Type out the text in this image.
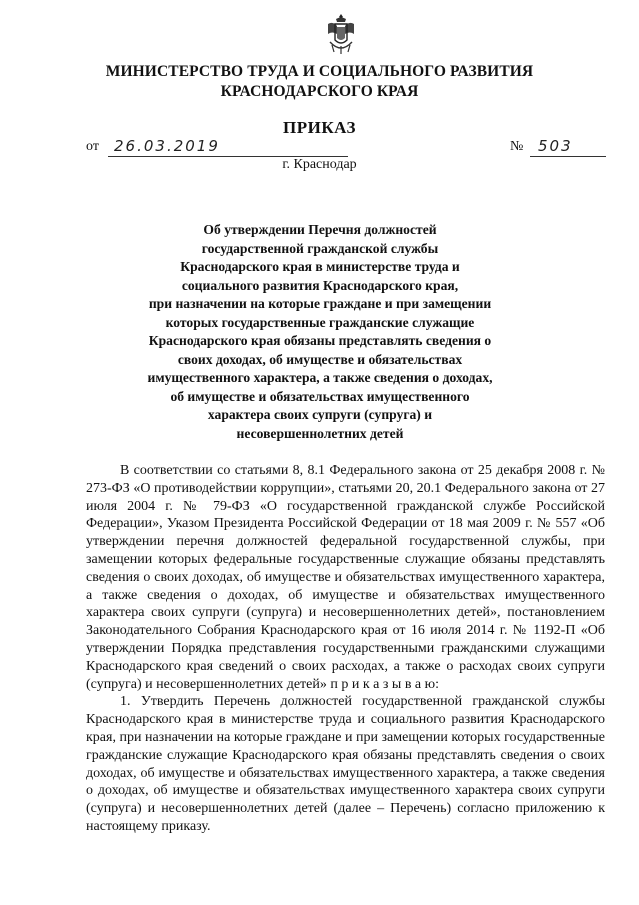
МИНИСТЕРСТВО ТРУДА И СОЦИАЛЬНОГО РАЗВИТИЯ
КРАСНОДАРСКОГО КРАЯ
ПРИКАЗ
от 26.03.2019	№ 503
г. Краснодар
Об утверждении Перечня должностей
государственной гражданской службы
Краснодарского края в министерстве труда и
социального развития Краснодарского края,
при назначении на которые граждане и при замещении
которых государственные гражданские служащие
Краснодарского края обязаны представлять сведения о
своих доходах, об имуществе и обязательствах
имущественного характера, а также сведения о доходах,
об имуществе и обязательствах имущественного
характера своих супруги (супруга) и
несовершеннолетних детей

В соответствии со статьями 8, 8.1 Федерального закона от 25 декабря 2008 г. № 273-ФЗ «О противодействии коррупции», статьями 20, 20.1 Федерального закона от 27 июля 2004 г. № 79-ФЗ «О государственной гражданской службе Российской Федерации», Указом Президента Российской Федерации от 18 мая 2009 г. № 557 «Об утверждении перечня должностей федеральной государственной службы, при замещении которых федеральные государственные служащие обязаны представлять сведения о своих доходах, об имуществе и обязательствах имущественного характера, а также сведения о доходах, об имуществе и обязательствах имущественного характера своих супруги (супруга) и несовершеннолетних детей», постановлением Законодательного Собрания Краснодарского края от 16 июля 2014 г. № 1192-П «Об утверждении Порядка представления государственными гражданскими служащими Краснодарского края сведений о своих расходах, а также о расходах своих супруги (супруга) и несовершеннолетних детей» п р и к а з ы в а ю:

1. Утвердить Перечень должностей государственной гражданской службы Краснодарского края в министерстве труда и социального развития Краснодарского края, при назначении на которые граждане и при замещении которых государственные гражданские служащие Краснодарского края обязаны представлять сведения о своих доходах, об имуществе и обязательствах имущественного характера, а также сведения о доходах, об имуществе и обязательствах имущественного характера своих супруги (супруга) и несовершеннолетних детей (далее – Перечень) согласно приложению к настоящему приказу.
